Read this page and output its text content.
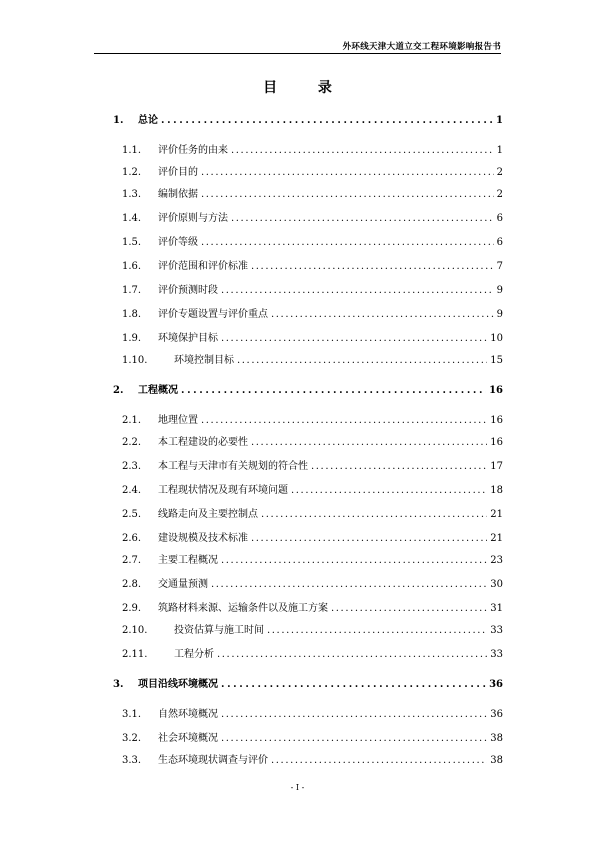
外环线天津大道立交工程环境影响报告书
目 录
1.	总论 .....	1
1.1.	评价任务的由来 .....	1
1.2.	评价目的 .....	2
1.3.	编制依据 .....	2
1.4.	评价原则与方法 .....	6
1.5.	评价等级 .....	6
1.6.	评价范围和评价标准 .....	7
1.7.	评价预测时段 .....	9
1.8.	评价专题设置与评价重点 .....	9
1.9.	环境保护目标 .....	10
1.10.	环境控制目标 .....	15
2.	工程概况 .....	16
2.1.	地理位置 .....	16
2.2.	本工程建设的必要性 .....	16
2.3.	本工程与天津市有关规划的符合性 .....	17
2.4.	工程现状情况及现有环境问题 .....	18
2.5.	线路走向及主要控制点 .....	21
2.6.	建设规模及技术标准 .....	21
2.7.	主要工程概况 .....	23
2.8.	交通量预测 .....	30
2.9.	筑路材料来源、运输条件以及施工方案 .....	31
2.10.	投资估算与施工时间 .....	33
2.11.	工程分析 .....	33
3.	项目沿线环境概况 .....	36
3.1.	自然环境概况 .....	36
3.2.	社会环境概况 .....	38
3.3.	生态环境现状调查与评价 .....	38
- I -
